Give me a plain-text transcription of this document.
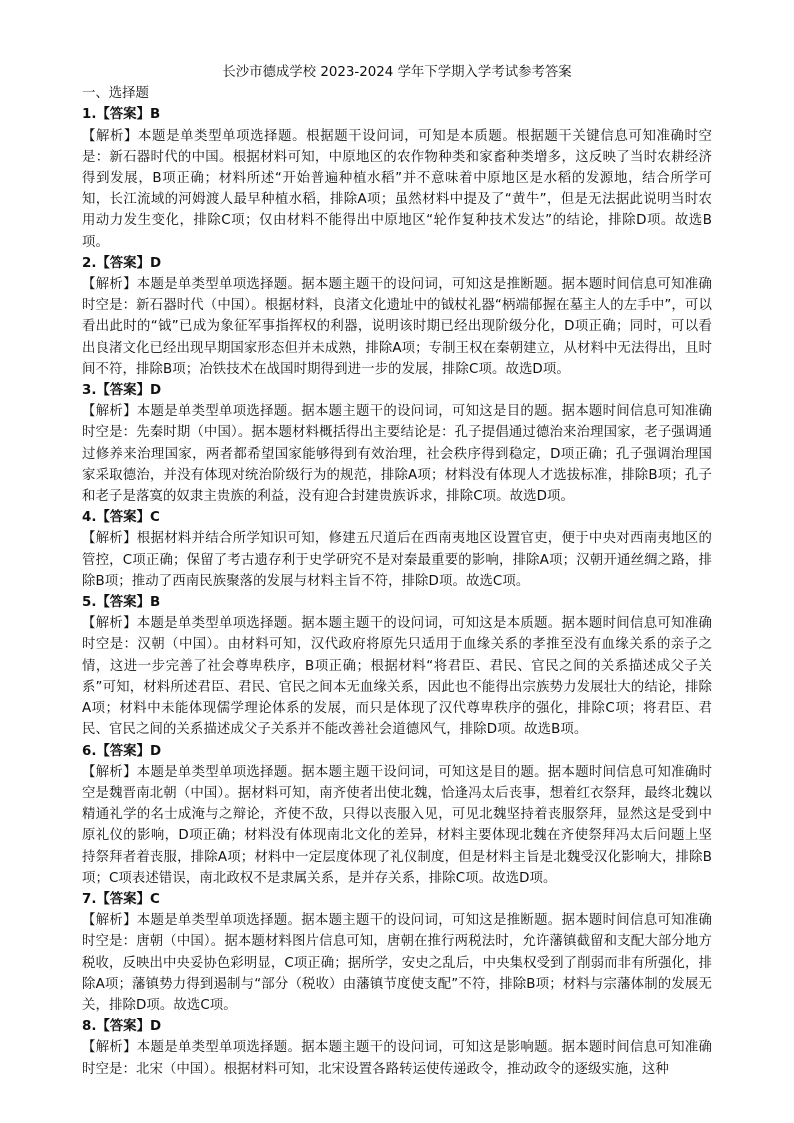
长沙市德成学校 2023-2024 学年下学期入学考试参考答案

一、选择题

1.【答案】B

【解析】本题是单类型单项选择题。根据题干设问词，可知是本质题。根据题干关键信息可知准确时空是：新石器时代的中国。根据材料可知，中原地区的农作物种类和家畜种类增多，这反映了当时农耕经济得到发展，B项正确；材料所述“开始普遍种植水稻”并不意味着中原地区是水稻的发源地，结合所学可知，长江流域的河姆渡人最早种植水稻，排除A项；虽然材料中提及了“黄牛”，但是无法据此说明当时农用动力发生变化，排除C项；仅由材料不能得出中原地区“轮作复种技术发达”的结论，排除D项。故选B项。

2.【答案】D

【解析】本题是单类型单项选择题。据本题主题干的设问词，可知这是推断题。据本题时间信息可知准确时空是：新石器时代（中国）。根据材料，良渚文化遗址中的钺杖礼器“柄端郁握在墓主人的左手中”，可以看出此时的“钺”已成为象征军事指挥权的利器，说明该时期已经出现阶级分化，D项正确；同时，可以看出良渚文化已经出现早期国家形态但并未成熟，排除A项；专制王权在秦朝建立，从材料中无法得出，且时间不符，排除B项；冶铁技术在战国时期得到进一步的发展，排除C项。故选D项。

3.【答案】D

【解析】本题是单类型单项选择题。据本题主题干的设问词，可知这是目的题。据本题时间信息可知准确时空是：先秦时期（中国）。据本题材料概括得出主要结论是：孔子提倡通过德治来治理国家，老子强调通过修养来治理国家，两者都希望国家能够得到有效治理，社会秩序得到稳定，D项正确；孔子强调治理国家采取德治，并没有体现对统治阶级行为的规范，排除A项；材料没有体现人才选拔标准，排除B项；孔子和老子是落寞的奴隶主贵族的利益，没有迎合封建贵族诉求，排除C项。故选D项。

4.【答案】C

【解析】根据材料并结合所学知识可知，修建五尺道后在西南夷地区设置官吏，便于中央对西南夷地区的管控，C项正确；保留了考古遗存利于史学研究不是对秦最重要的影响，排除A项；汉朝开通丝绸之路，排除B项；推动了西南民族聚落的发展与材料主旨不符，排除D项。故选C项。

5.【答案】B

【解析】本题是单类型单项选择题。据本题主题干的设问词，可知这是本质题。据本题时间信息可知准确时空是：汉朝（中国）。由材料可知，汉代政府将原先只适用于血缘关系的孝推至没有血缘关系的亲子之情，这进一步完善了社会尊卑秩序，B项正确；根据材料“将君臣、君民、官民之间的关系描述成父子关系”可知，材料所述君臣、君民、官民之间本无血缘关系，因此也不能得出宗族势力发展壮大的结论，排除A项；材料中未能体现儒学理论体系的发展，而只是体现了汉代尊卑秩序的强化，排除C项；将君臣、君民、官民之间的关系描述成父子关系并不能改善社会道德风气，排除D项。故选B项。

6.【答案】D

【解析】本题是单类型单项选择题。据本题主题干设问词，可知这是目的题。据本题时间信息可知准确时空是魏晋南北朝（中国）。据材料可知，南齐使者出使北魏，恰逢冯太后丧事，想着红衣祭拜，最终北魏以精通礼学的名士成淹与之辩论，齐使不敌，只得以丧服入见，可见北魏坚持着丧服祭拜，显然这是受到中原礼仪的影响，D项正确；材料没有体现南北文化的差异，材料主要体现北魏在齐使祭拜冯太后问题上坚持祭拜者着丧服，排除A项；材料中一定层度体现了礼仪制度，但是材料主旨是北魏受汉化影响大，排除B项；C项表述错误，南北政权不是隶属关系，是并存关系，排除C项。故选D项。

7.【答案】C

【解析】本题是单类型单项选择题。据本题主题干的设问词，可知这是推断题。据本题时间信息可知准确时空是：唐朝（中国）。据本题材料图片信息可知，唐朝在推行两税法时，允许藩镇截留和支配大部分地方税收，反映出中央妥协色彩明显，C项正确；据所学，安史之乱后，中央集权受到了削弱而非有所强化，排除A项；藩镇势力得到遏制与“部分（税收）由藩镇节度使支配”不符，排除B项；材料与宗藩体制的发展无关，排除D项。故选C项。

8.【答案】D

【解析】本题是单类型单项选择题。据本题主题干的设问词，可知这是影响题。据本题时间信息可知准确时空是：北宋（中国）。根据材料可知，北宋设置各路转运使传递政令，推动政令的逐级实施，这种
